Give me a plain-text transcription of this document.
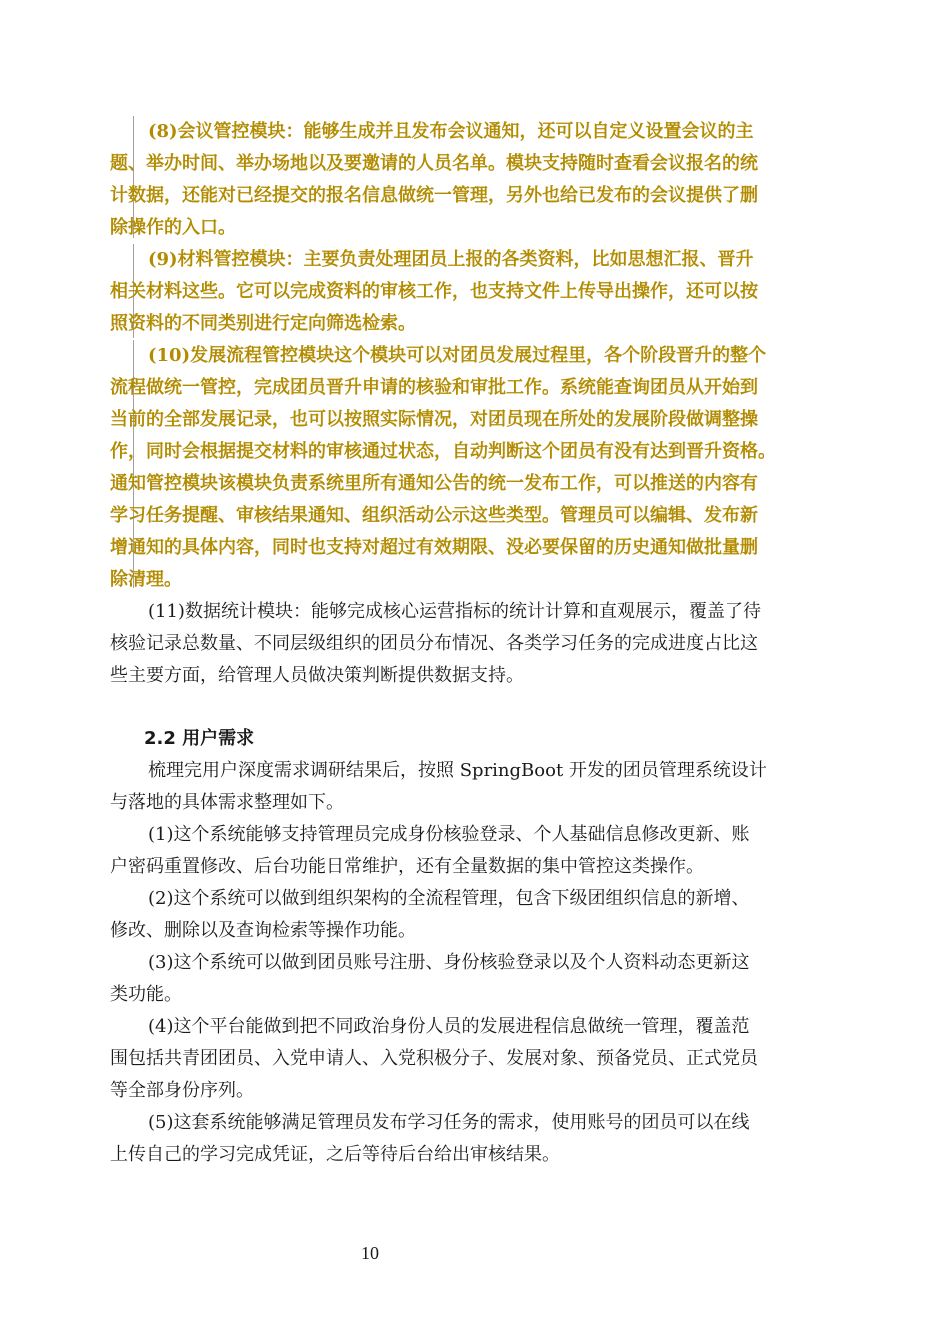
(8)会议管控模块：能够生成并且发布会议通知，还可以自定义设置会议的主
题、举办时间、举办场地以及要邀请的人员名单。模块支持随时查看会议报名的统
计数据，还能对已经提交的报名信息做统一管理，另外也给已发布的会议提供了删
除操作的入口。
(9)材料管控模块：主要负责处理团员上报的各类资料，比如思想汇报、晋升
相关材料这些。它可以完成资料的审核工作，也支持文件上传导出操作，还可以按
照资料的不同类别进行定向筛选检索。
(10)发展流程管控模块这个模块可以对团员发展过程里，各个阶段晋升的整个
流程做统一管控，完成团员晋升申请的核验和审批工作。系统能查询团员从开始到
当前的全部发展记录，也可以按照实际情况，对团员现在所处的发展阶段做调整操
作，同时会根据提交材料的审核通过状态，自动判断这个团员有没有达到晋升资格。
通知管控模块该模块负责系统里所有通知公告的统一发布工作，可以推送的内容有
学习任务提醒、审核结果通知、组织活动公示这些类型。管理员可以编辑、发布新
增通知的具体内容，同时也支持对超过有效期限、没必要保留的历史通知做批量删
除清理。
(11)数据统计模块：能够完成核心运营指标的统计计算和直观展示，覆盖了待
核验记录总数量、不同层级组织的团员分布情况、各类学习任务的完成进度占比这
些主要方面，给管理人员做决策判断提供数据支持。
2.2 用户需求
梳理完用户深度需求调研结果后，按照 SpringBoot 开发的团员管理系统设计
与落地的具体需求整理如下。
(1)这个系统能够支持管理员完成身份核验登录、个人基础信息修改更新、账
户密码重置修改、后台功能日常维护，还有全量数据的集中管控这类操作。
(2)这个系统可以做到组织架构的全流程管理，包含下级团组织信息的新增、
修改、删除以及查询检索等操作功能。
(3)这个系统可以做到团员账号注册、身份核验登录以及个人资料动态更新这
类功能。
(4)这个平台能做到把不同政治身份人员的发展进程信息做统一管理，覆盖范
围包括共青团团员、入党申请人、入党积极分子、发展对象、预备党员、正式党员
等全部身份序列。
(5)这套系统能够满足管理员发布学习任务的需求，使用账号的团员可以在线
上传自己的学习完成凭证，之后等待后台给出审核结果。
10
